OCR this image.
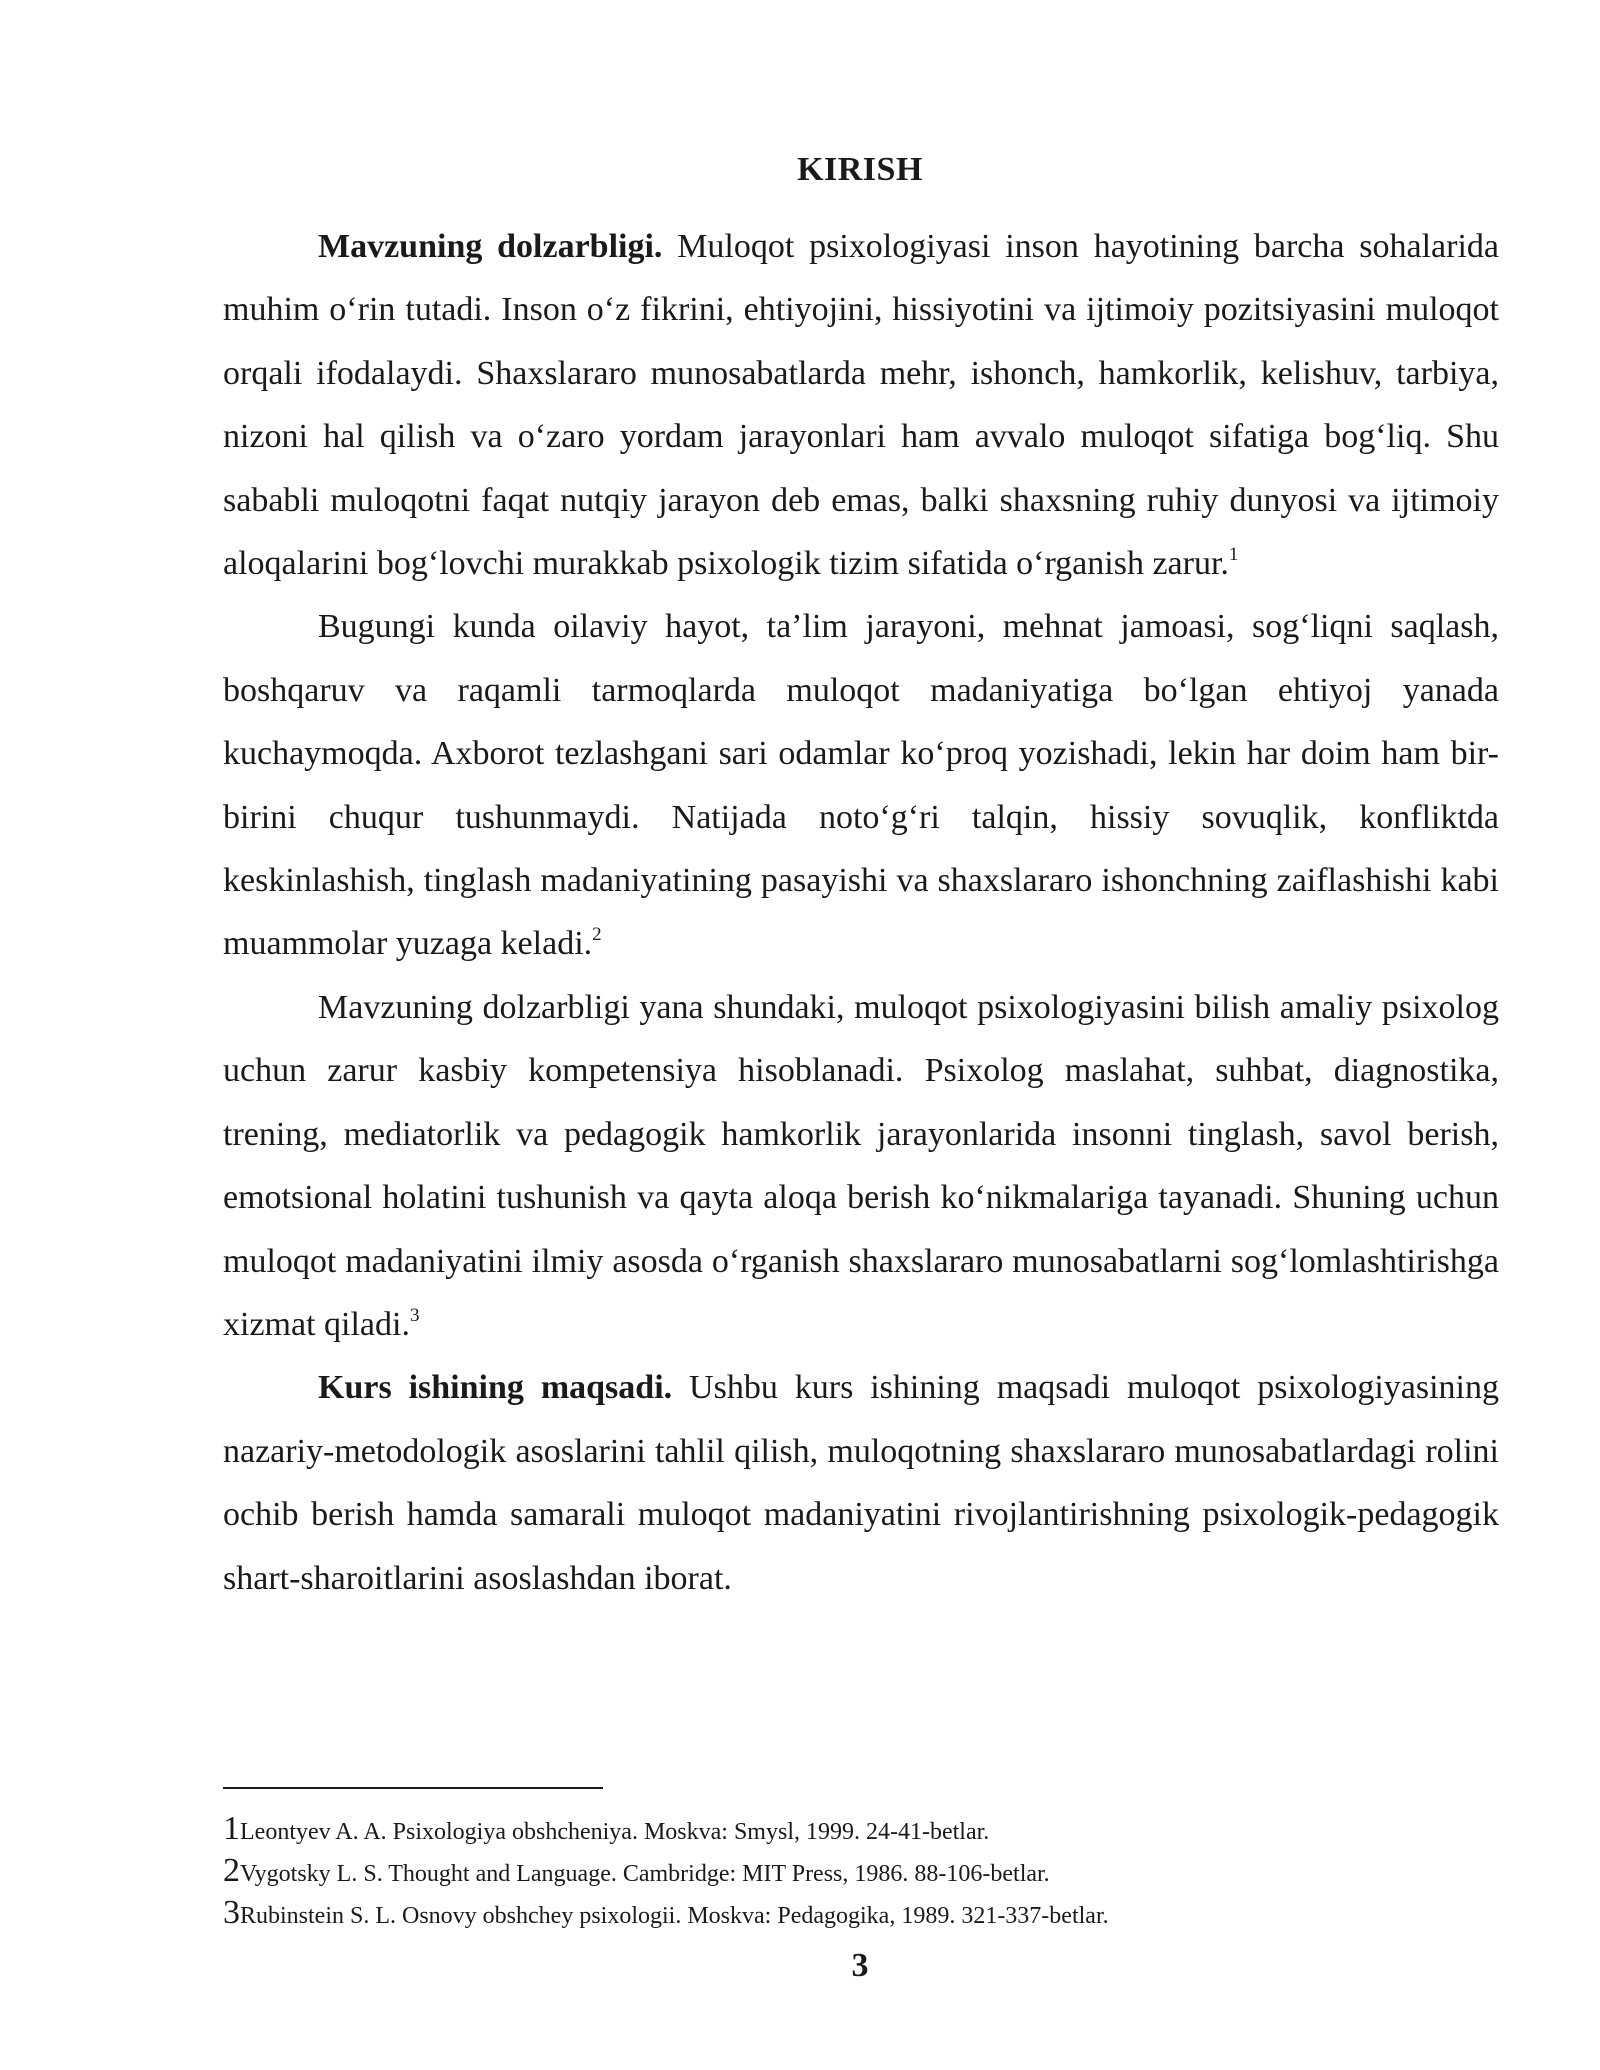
KIRISH

Mavzuning dolzarbligi. Muloqot psixologiyasi inson hayotining barcha sohalarida muhim o‘rin tutadi. Inson o‘z fikrini, ehtiyojini, hissiyotini va ijtimoiy pozitsiyasini muloqot orqali ifodalaydi. Shaxslararo munosabatlarda mehr, ishonch, hamkorlik, kelishuv, tarbiya, nizoni hal qilish va o‘zaro yordam jarayonlari ham avvalo muloqot sifatiga bog‘liq. Shu sababli muloqotni faqat nutqiy jarayon deb emas, balki shaxsning ruhiy dunyosi va ijtimoiy aloqalarini bog‘lovchi murakkab psixologik tizim sifatida o‘rganish zarur.$^1$

Bugungi kunda oilaviy hayot, ta’lim jarayoni, mehnat jamoasi, sog‘liqni saqlash, boshqaruv va raqamli tarmoqlarda muloqot madaniyatiga bo‘lgan ehtiyoj yanada kuchaymoqda. Axborot tezlashgani sari odamlar ko‘proq yozishadi, lekin har doim ham bir-birini chuqur tushunmaydi. Natijada noto‘g‘ri talqin, hissiy sovuqlik, konfliktda keskinlashish, tinglash madaniyatining pasayishi va shaxslararo ishonchning zaiflashishi kabi muammolar yuzaga keladi.$^2$

Mavzuning dolzarbligi yana shundaki, muloqot psixologiyasini bilish amaliy psixolog uchun zarur kasbiy kompetensiya hisoblanadi. Psixolog maslahat, suhbat, diagnostika, trening, mediatorlik va pedagogik hamkorlik jarayonlarida insonni tinglash, savol berish, emotsional holatini tushunish va qayta aloqa berish ko‘nikmalariga tayanadi. Shuning uchun muloqot madaniyatini ilmiy asosda o‘rganish shaxslararo munosabatlarni sog‘lomlashtirishga xizmat qiladi.$^3$

Kurs ishining maqsadi. Ushbu kurs ishining maqsadi muloqot psixologiyasining nazariy-metodologik asoslarini tahlil qilish, muloqotning shaxslararo munosabatlardagi rolini ochib berish hamda samarali muloqot madaniyatini rivojlantirishning psixologik-pedagogik shart-sharoitlarini asoslashdan iborat.

1Leontyev A. A. Psixologiya obshcheniya. Moskva: Smysl, 1999. 24-41-betlar.
2Vygotsky L. S. Thought and Language. Cambridge: MIT Press, 1986. 88-106-betlar.
3Rubinstein S. L. Osnovy obshchey psixologii. Moskva: Pedagogika, 1989. 321-337-betlar.
3
